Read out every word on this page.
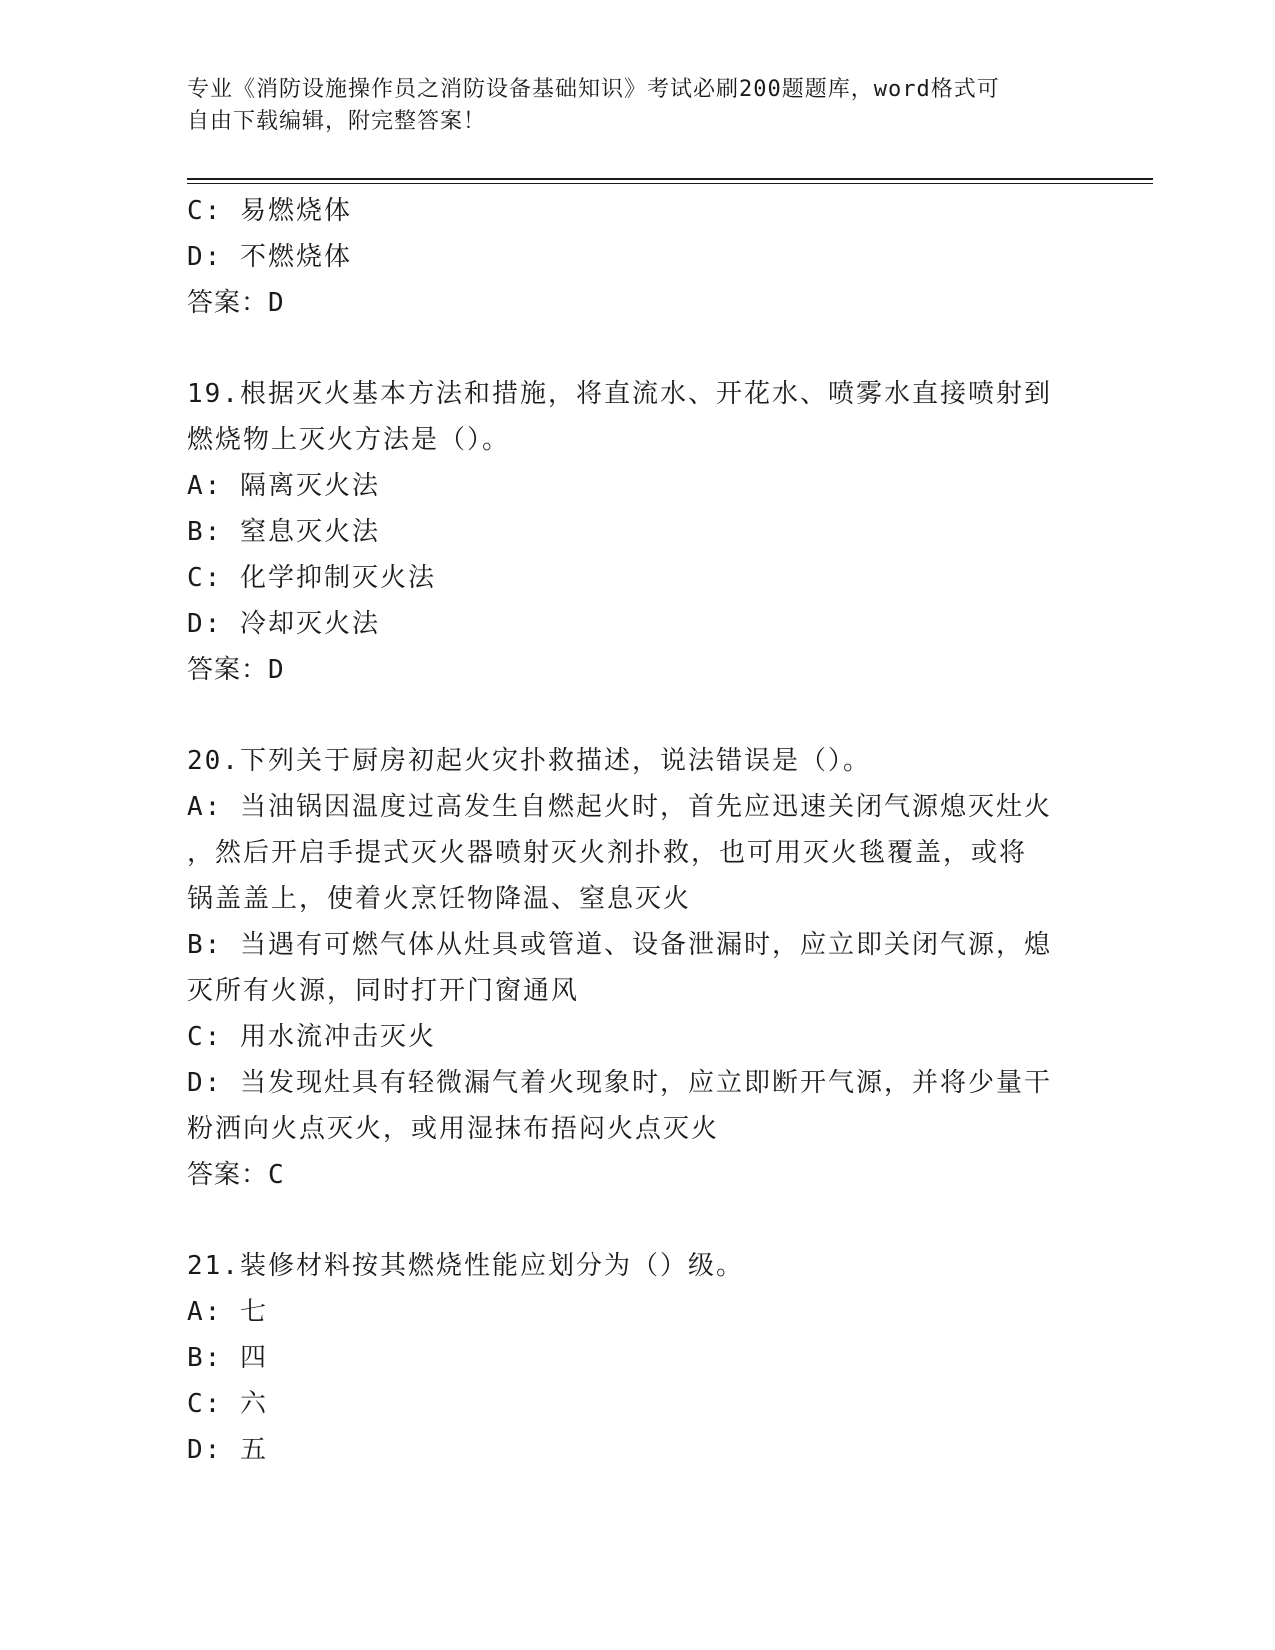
专业《消防设施操作员之消防设备基础知识》考试必刷200题题库，word格式可
自由下载编辑，附完整答案！
C: 易燃烧体
D: 不燃烧体
答案：D
19.根据灭火基本方法和措施，将直流水、开花水、喷雾水直接喷射到
燃烧物上灭火方法是（）。
A: 隔离灭火法
B: 窒息灭火法
C: 化学抑制灭火法
D: 冷却灭火法
答案：D
20.下列关于厨房初起火灾扑救描述，说法错误是（）。
A: 当油锅因温度过高发生自燃起火时，首先应迅速关闭气源熄灭灶火
，然后开启手提式灭火器喷射灭火剂扑救，也可用灭火毯覆盖，或将
锅盖盖上，使着火烹饪物降温、窒息灭火
B: 当遇有可燃气体从灶具或管道、设备泄漏时，应立即关闭气源，熄
灭所有火源，同时打开门窗通风
C: 用水流冲击灭火
D: 当发现灶具有轻微漏气着火现象时，应立即断开气源，并将少量干
粉洒向火点灭火，或用湿抹布捂闷火点灭火
答案：C
21.装修材料按其燃烧性能应划分为（）级。
A: 七
B: 四
C: 六
D: 五
